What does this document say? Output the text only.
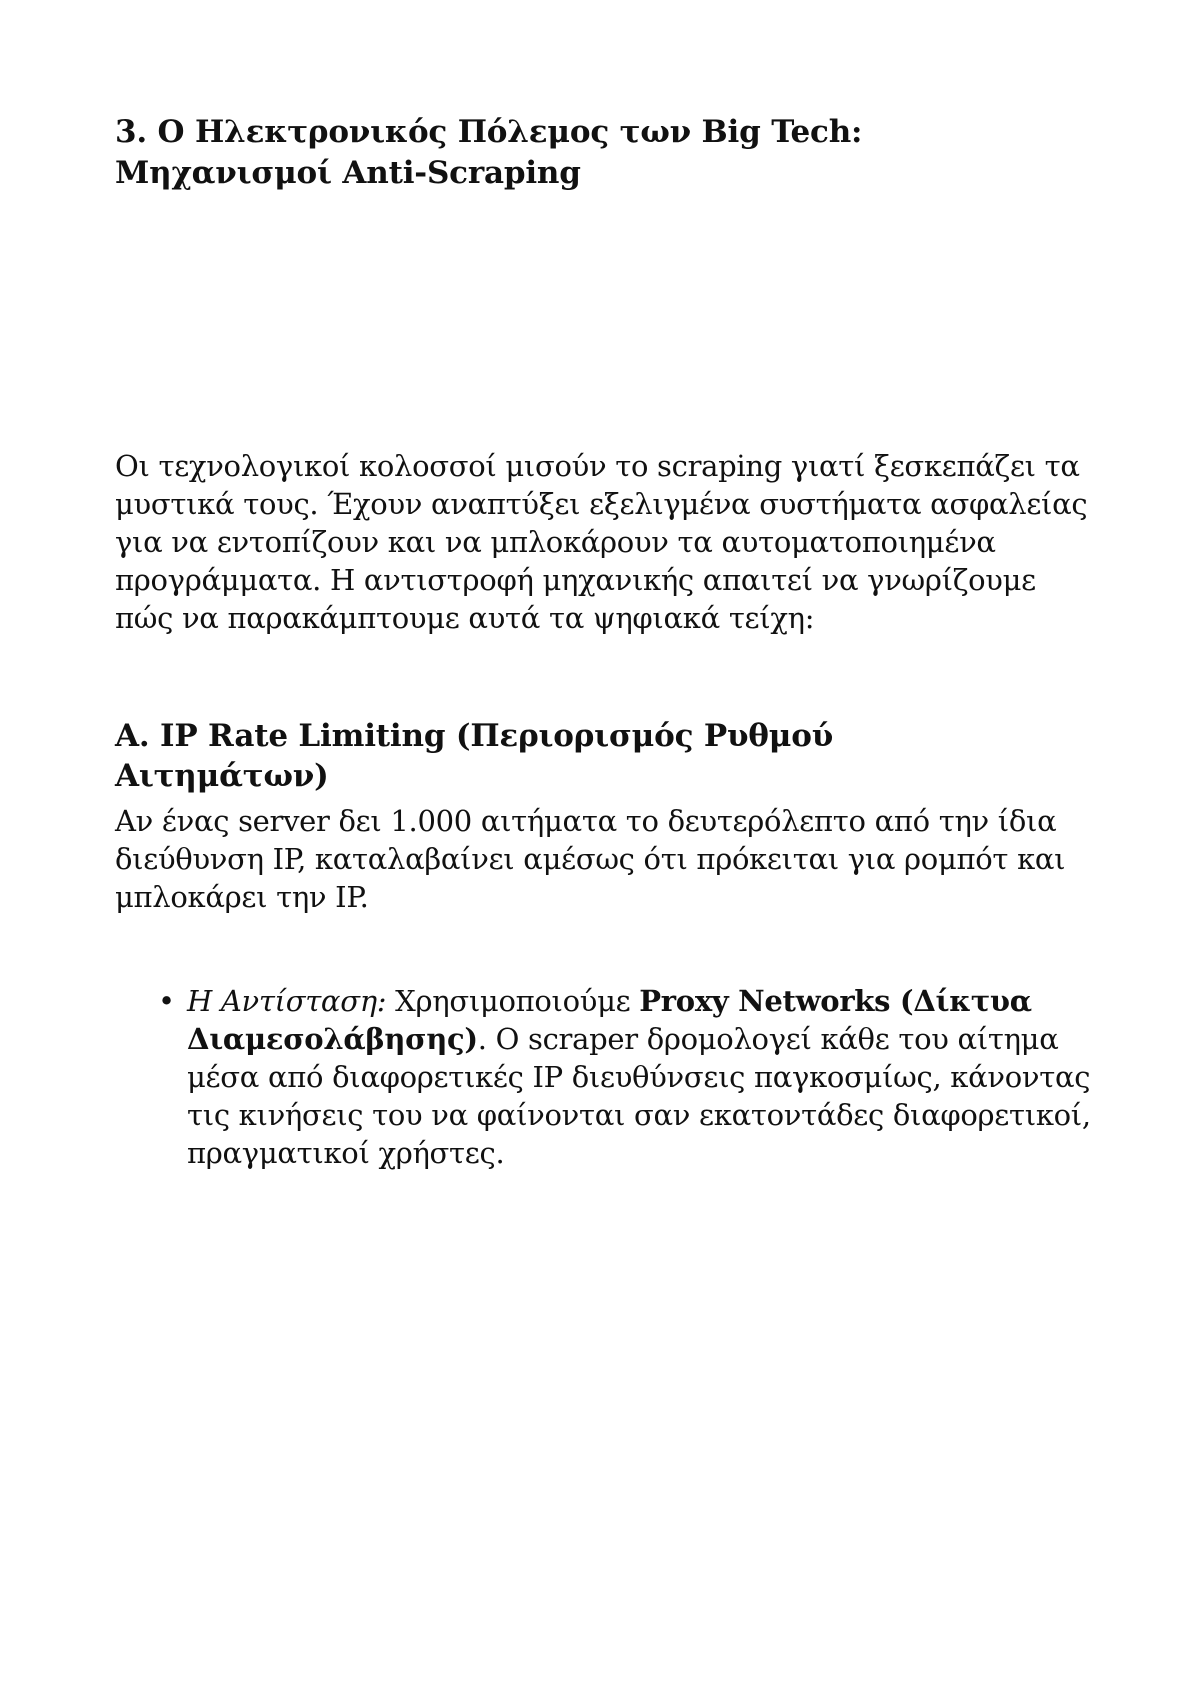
3. Ο Ηλεκτρονικός Πόλεμος των Big Tech:
Μηχανισμοί Anti-Scraping

Οι τεχνολογικοί κολοσσοί μισούν το scraping γιατί ξεσκεπάζει τα μυστικά τους. Έχουν αναπτύξει εξελιγμένα συστήματα ασφαλείας για να εντοπίζουν και να μπλοκάρουν τα αυτοματοποιημένα προγράμματα. Η αντιστροφή μηχανικής απαιτεί να γνωρίζουμε πώς να παρακάμπτουμε αυτά τα ψηφιακά τείχη:

Α. IP Rate Limiting (Περιορισμός Ρυθμού
Αιτημάτων)

Αν ένας server δει 1.000 αιτήματα το δευτερόλεπτο από την ίδια διεύθυνση IP, καταλαβαίνει αμέσως ότι πρόκειται για ρομπότ και μπλοκάρει την IP.

• Η Αντίσταση: Χρησιμοποιούμε Proxy Networks (Δίκτυα Διαμεσολάβησης). Ο scraper δρομολογεί κάθε του αίτημα μέσα από διαφορετικές IP διευθύνσεις παγκοσμίως, κάνοντας τις κινήσεις του να φαίνονται σαν εκατοντάδες διαφορετικοί, πραγματικοί χρήστες.
